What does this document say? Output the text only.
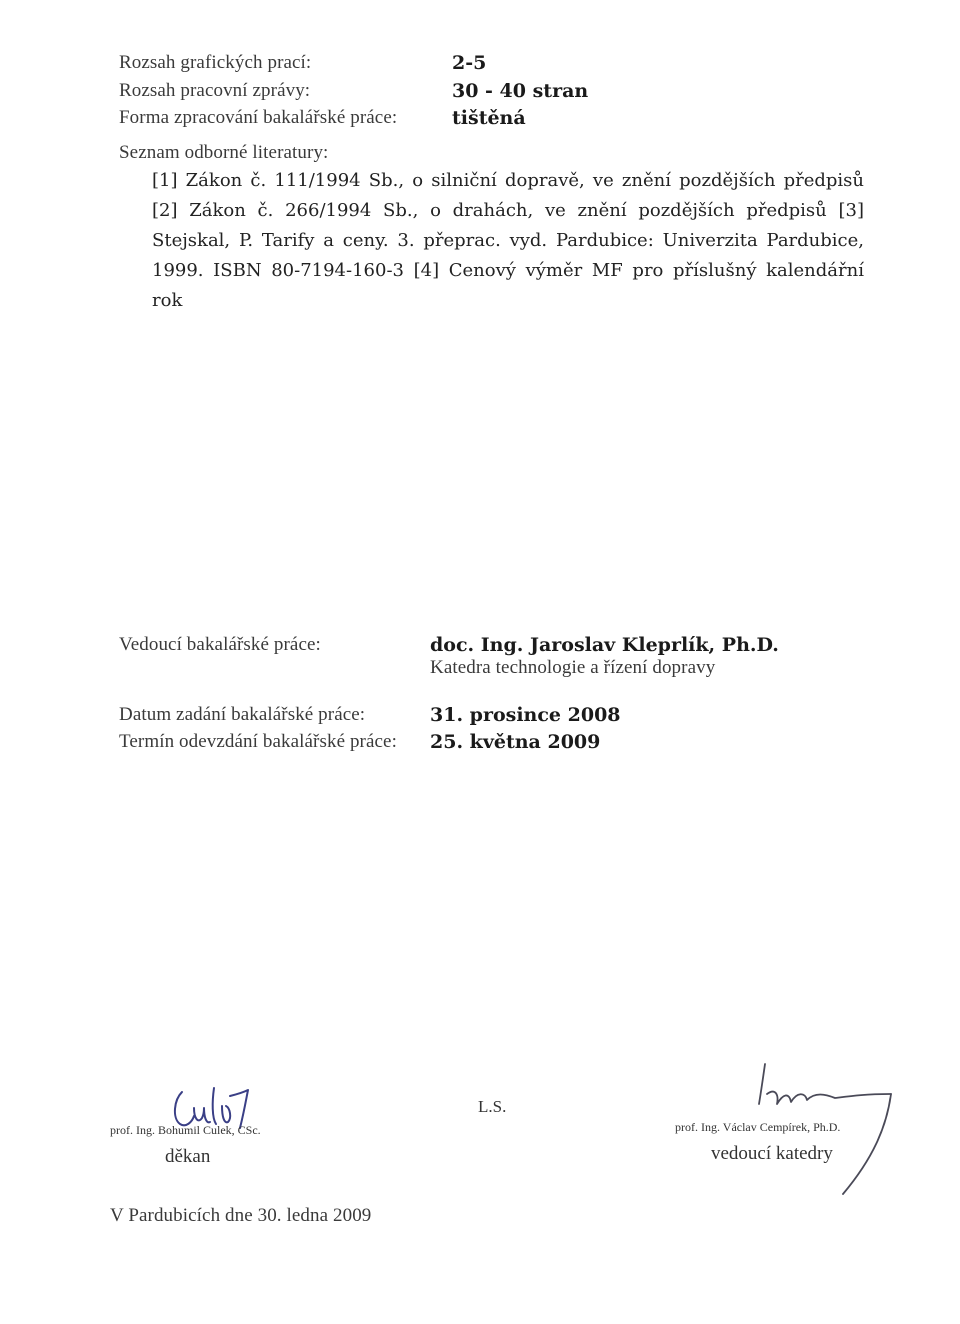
Rozsah grafických prací:	2-5
Rozsah pracovní zprávy:	30 - 40 stran
Forma zpracování bakalářské práce:	tištěná
Seznam odborné literatury:
[1] Zákon č. 111/1994 Sb., o silniční dopravě, ve znění pozdějších předpisů [2] Zákon č. 266/1994 Sb., o drahách, ve znění pozdějších předpisů [3] Stejskal, P. Tarify a ceny. 3. přeprac. vyd. Pardubice: Univerzita Pardubice, 1999. ISBN 80-7194-160-3 [4] Cenový výměr MF pro příslušný kalendářní rok
Vedoucí bakalářské práce:	doc. Ing. Jaroslav Kleprlík, Ph.D.
Katedra technologie a řízení dopravy
Datum zadání bakalářské práce:	31. prosince 2008
Termín odevzdání bakalářské práce: 25. května 2009
prof. Ing. Bohumil Culek, CSc.
děkan
L.S.
prof. Ing. Václav Cempírek, Ph.D.
vedoucí katedry
V Pardubicích dne 30. ledna 2009
